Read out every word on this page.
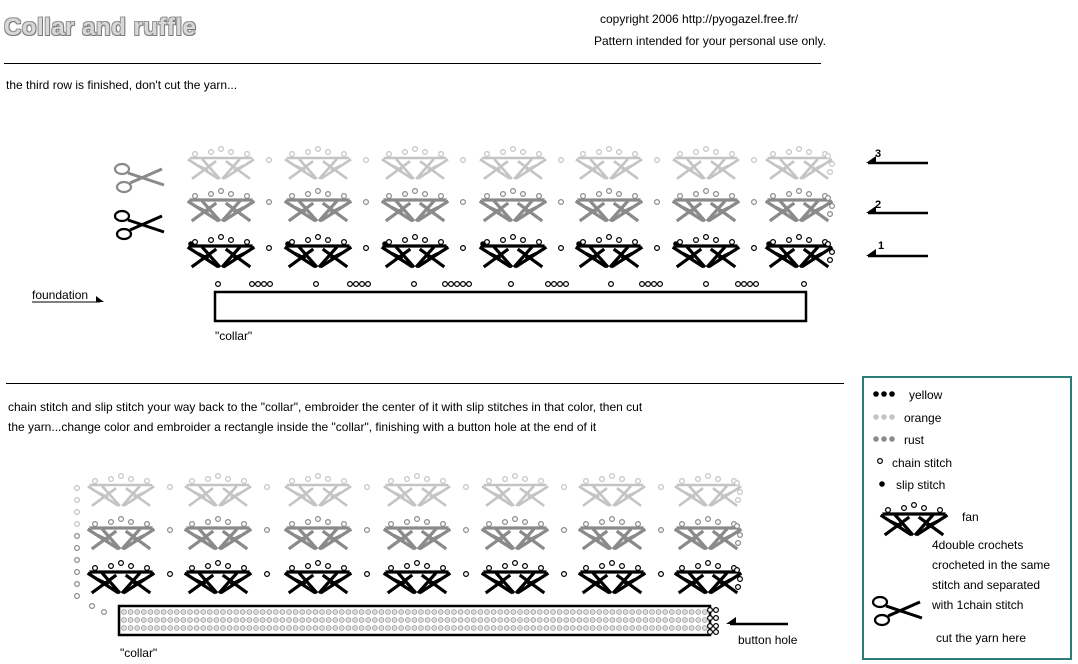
Collar and ruffle	copyright 2006 http://pyogazel.free.fr/
Pattern intended for your personal use only.
the third row is finished, don't cut the yarn...
foundation
"collar"
3
2
1
chain stitch and slip stitch your way back to the "collar", embroider the center of it with slip stitches in that color, then cut
the yarn...change color and embroider a rectangle inside the "collar", finishing with a button hole at the end of it
"collar"
button hole
yellow
orange
rust
chain stitch
slip stitch
fan
4double crochets
crocheted in the same
stitch and separated
with 1chain stitch
cut the yarn here
